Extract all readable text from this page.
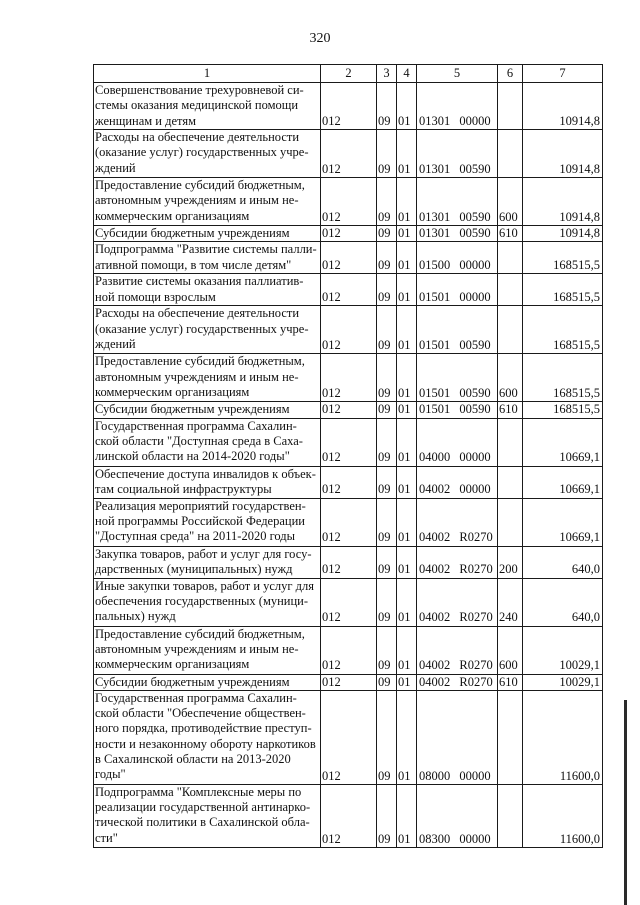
320
1	2	3	4	5	6	7
Совершенствование трехуровневой си-стемы оказания медицинской помощи женщинам и детям	012	09	01	01301 00000		10914,8
Расходы на обеспечение деятельности (оказание услуг) государственных учре-ждений	012	09	01	01301 00590		10914,8
Предоставление субсидий бюджетным, автономным учреждениям и иным не-коммерческим организациям	012	09	01	01301 00590	600	10914,8
Субсидии бюджетным учреждениям	012	09	01	01301 00590	610	10914,8
Подпрограмма "Развитие системы палли-ативной помощи, в том числе детям"	012	09	01	01500 00000		168515,5
Развитие системы оказания паллиатив-ной помощи взрослым	012	09	01	01501 00000		168515,5
Расходы на обеспечение деятельности (оказание услуг) государственных учре-ждений	012	09	01	01501 00590		168515,5
Предоставление субсидий бюджетным, автономным учреждениям и иным не-коммерческим организациям	012	09	01	01501 00590	600	168515,5
Субсидии бюджетным учреждениям	012	09	01	01501 00590	610	168515,5
Государственная программа Сахалин-ской области "Доступная среда в Саха-линской области на 2014-2020 годы"	012	09	01	04000 00000		10669,1
Обеспечение доступа инвалидов к объек-там социальной инфраструктуры	012	09	01	04002 00000		10669,1
Реализация мероприятий государствен-ной программы Российской Федерации "Доступная среда" на 2011-2020 годы	012	09	01	04002 R0270		10669,1
Закупка товаров, работ и услуг для госу-дарственных (муниципальных) нужд	012	09	01	04002 R0270	200	640,0
Иные закупки товаров, работ и услуг для обеспечения государственных (муници-пальных) нужд	012	09	01	04002 R0270	240	640,0
Предоставление субсидий бюджетным, автономным учреждениям и иным не-коммерческим организациям	012	09	01	04002 R0270	600	10029,1
Субсидии бюджетным учреждениям	012	09	01	04002 R0270	610	10029,1
Государственная программа Сахалин-ской области "Обеспечение обществен-ного порядка, противодействие преступ-ности и незаконному обороту наркотиков в Сахалинской области на 2013-2020 годы"	012	09	01	08000 00000		11600,0
Подпрограмма "Комплексные меры по реализации государственной антинарко-тической политики в Сахалинской обла-сти"	012	09	01	08300 00000		11600,0
